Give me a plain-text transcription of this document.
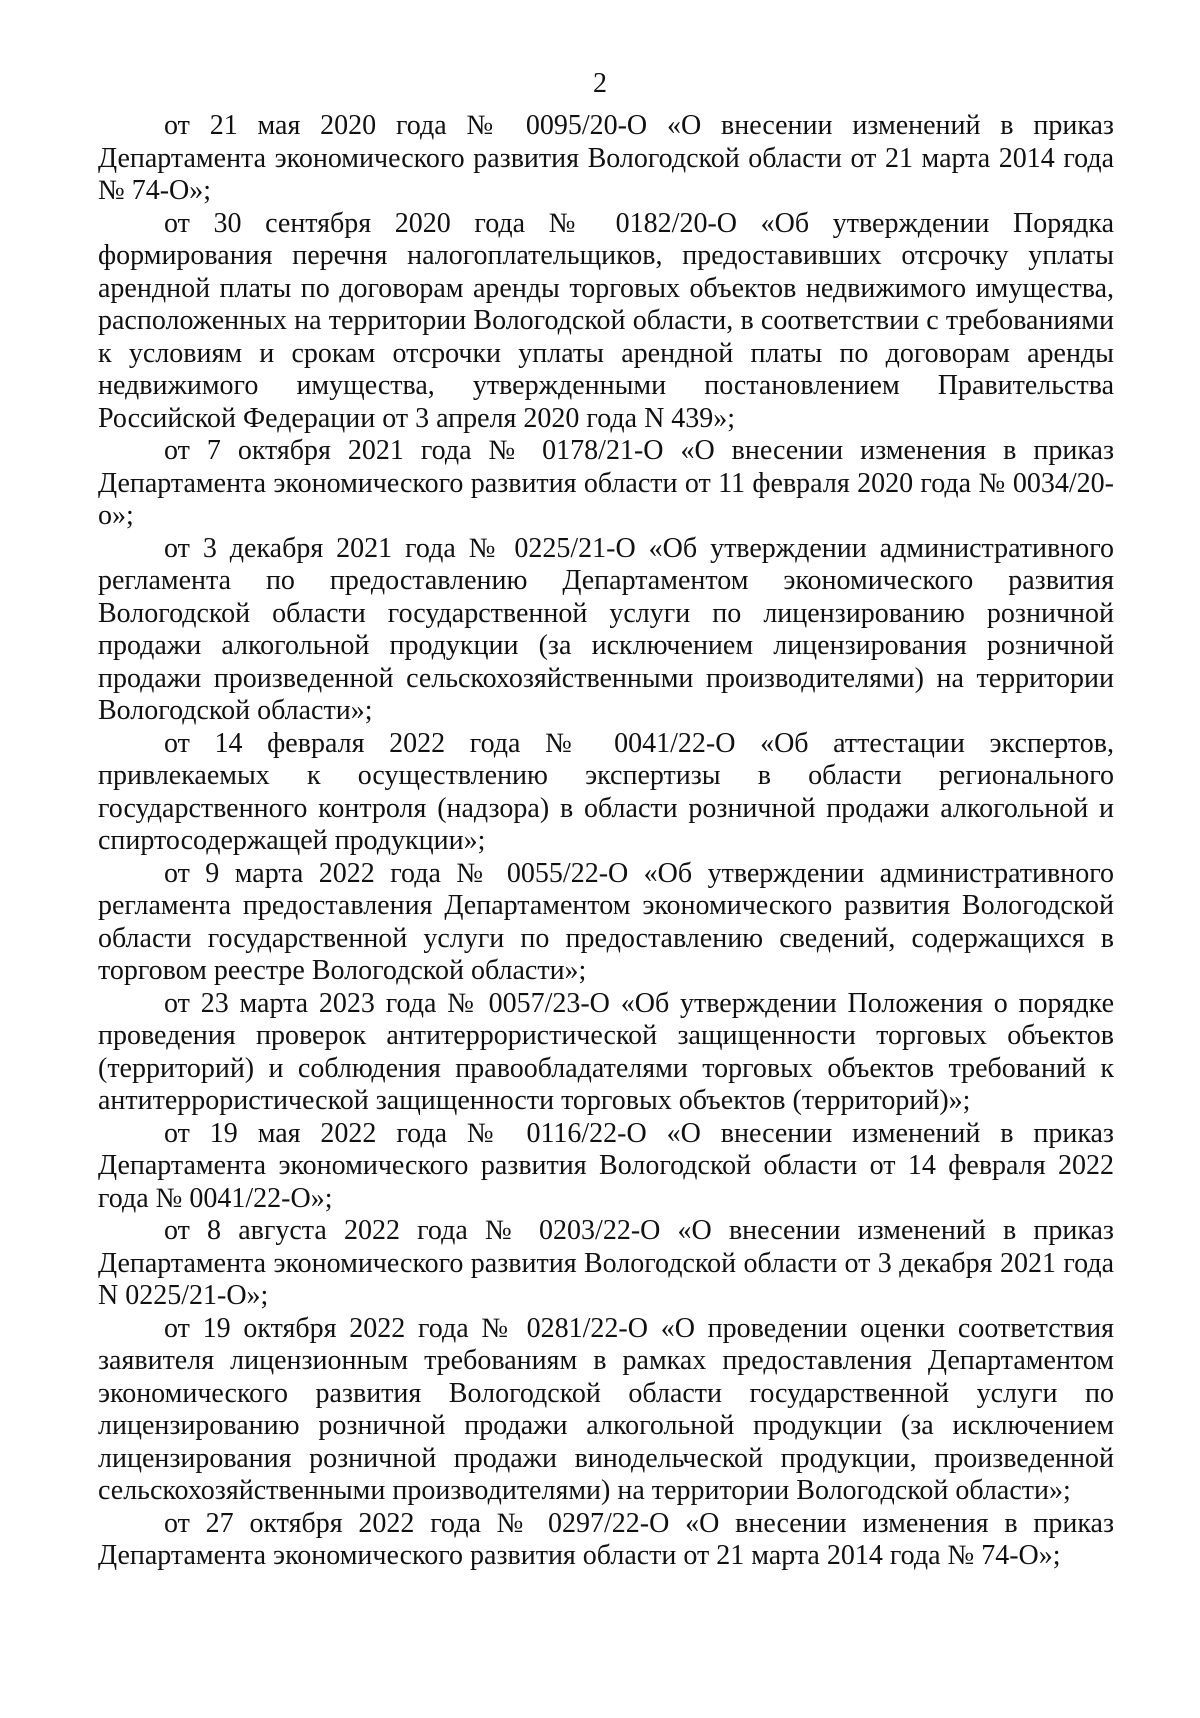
2

от 21 мая 2020 года № 0095/20-О «О внесении изменений в приказ Департамента экономического развития Вологодской области от 21 марта 2014 года № 74-О»;

от 30 сентября 2020 года № 0182/20-О «Об утверждении Порядка формирования перечня налогоплательщиков, предоставивших отсрочку уплаты арендной платы по договорам аренды торговых объектов недвижимого имущества, расположенных на территории Вологодской области, в соответствии с требованиями к условиям и срокам отсрочки уплаты арендной платы по договорам аренды недвижимого имущества, утвержденными постановлением Правительства Российской Федерации от 3 апреля 2020 года N 439»;

от 7 октября 2021 года № 0178/21-О «О внесении изменения в приказ Департамента экономического развития области от 11 февраля 2020 года № 0034/20-о»;

от 3 декабря 2021 года № 0225/21-О «Об утверждении административного регламента по предоставлению Департаментом экономического развития Вологодской области государственной услуги по лицензированию розничной продажи алкогольной продукции (за исключением лицензирования розничной продажи произведенной сельскохозяйственными производителями) на территории Вологодской области»;

от 14 февраля 2022 года № 0041/22-О «Об аттестации экспертов, привлекаемых к осуществлению экспертизы в области регионального государственного контроля (надзора) в области розничной продажи алкогольной и спиртосодержащей продукции»;

от 9 марта 2022 года № 0055/22-О «Об утверждении административного регламента предоставления Департаментом экономического развития Вологодской области государственной услуги по предоставлению сведений, содержащихся в торговом реестре Вологодской области»;

от 23 марта 2023 года № 0057/23-О «Об утверждении Положения о порядке проведения проверок антитеррористической защищенности торговых объектов (территорий) и соблюдения правообладателями торговых объектов требований к антитеррористической защищенности торговых объектов (территорий)»;

от 19 мая 2022 года № 0116/22-О «О внесении изменений в приказ Департамента экономического развития Вологодской области от 14 февраля 2022 года № 0041/22-О»;

от 8 августа 2022 года № 0203/22-О «О внесении изменений в приказ Департамента экономического развития Вологодской области от 3 декабря 2021 года N 0225/21-О»;

от 19 октября 2022 года № 0281/22-О «О проведении оценки соответствия заявителя лицензионным требованиям в рамках предоставления Департаментом экономического развития Вологодской области государственной услуги по лицензированию розничной продажи алкогольной продукции (за исключением лицензирования розничной продажи винодельческой продукции, произведенной сельскохозяйственными производителями) на территории Вологодской области»;

от 27 октября 2022 года № 0297/22-О «О внесении изменения в приказ Департамента экономического развития области от 21 марта 2014 года № 74-О»;
